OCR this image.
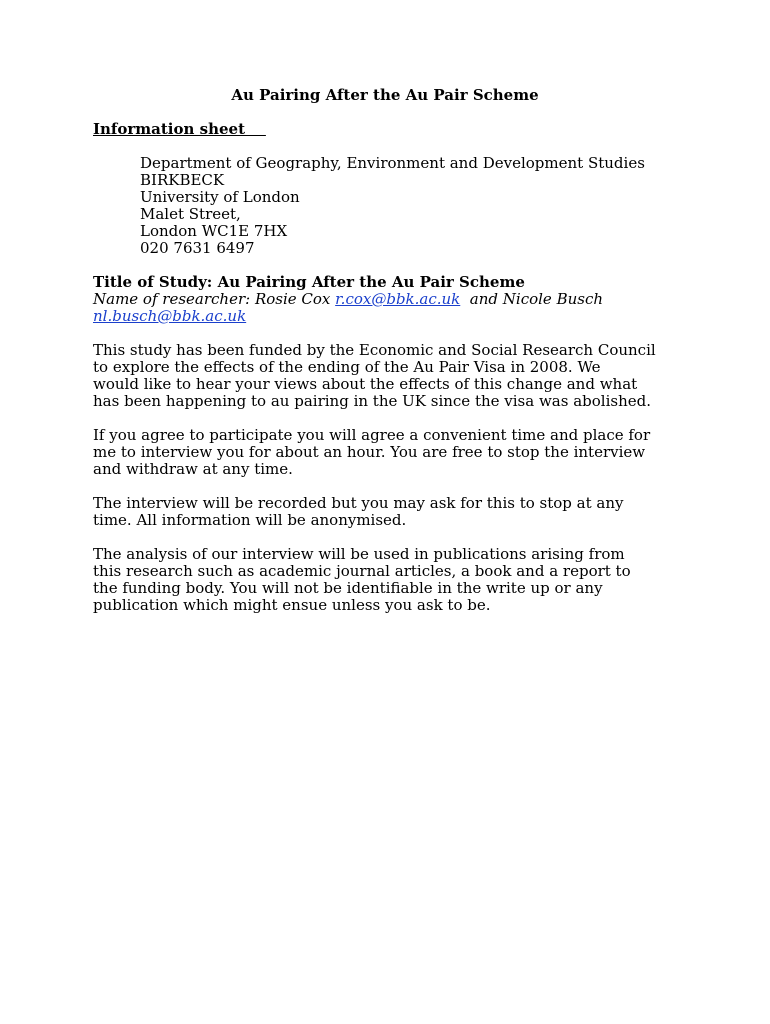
Au Pairing After the Au Pair Scheme
Information sheet
Department of Geography, Environment and Development Studies
BIRKBECK
University of London
Malet Street,
London WC1E 7HX
020 7631 6497
Title of Study: Au Pairing After the Au Pair Scheme
Name of researcher: Rosie Cox r.cox@bbk.ac.uk  and Nicole Busch
nl.busch@bbk.ac.uk
This study has been funded by the Economic and Social Research Council
to explore the effects of the ending of the Au Pair Visa in 2008. We
would like to hear your views about the effects of this change and what
has been happening to au pairing in the UK since the visa was abolished.
If you agree to participate you will agree a convenient time and place for
me to interview you for about an hour. You are free to stop the interview
and withdraw at any time.
The interview will be recorded but you may ask for this to stop at any
time. All information will be anonymised.
The analysis of our interview will be used in publications arising from
this research such as academic journal articles, a book and a report to
the funding body. You will not be identifiable in the write up or any
publication which might ensue unless you ask to be.
